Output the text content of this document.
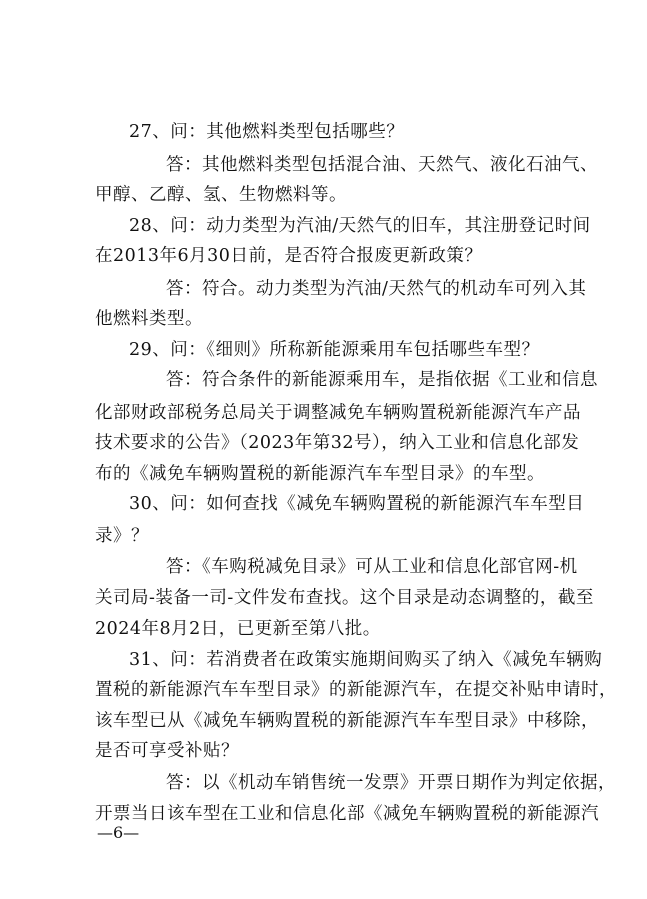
27、问：其他燃料类型包括哪些？
答：其他燃料类型包括混合油、天然气、液化石油气、
甲醇、乙醇、氢、生物燃料等。
28、问：动力类型为汽油/天然气的旧车，其注册登记时间
在2013年6月30日前，是否符合报废更新政策？
答：符合。动力类型为汽油/天然气的机动车可列入其
他燃料类型。
29、问：《细则》所称新能源乘用车包括哪些车型？
答：符合条件的新能源乘用车，是指依据《工业和信息
化部财政部税务总局关于调整减免车辆购置税新能源汽车产品
技术要求的公告》（2023年第32号），纳入工业和信息化部发
布的《减免车辆购置税的新能源汽车车型目录》的车型。
30、问：如何查找《减免车辆购置税的新能源汽车车型目
录》？
答：《车购税减免目录》可从工业和信息化部官网-机
关司局-装备一司-文件发布查找。这个目录是动态调整的，截至
2024年8月2日，已更新至第八批。
31、问：若消费者在政策实施期间购买了纳入《减免车辆购
置税的新能源汽车车型目录》的新能源汽车，在提交补贴申请时，
该车型已从《减免车辆购置税的新能源汽车车型目录》中移除，
是否可享受补贴？
答：以《机动车销售统一发票》开票日期作为判定依据，
开票当日该车型在工业和信息化部《减免车辆购置税的新能源汽
—6—
